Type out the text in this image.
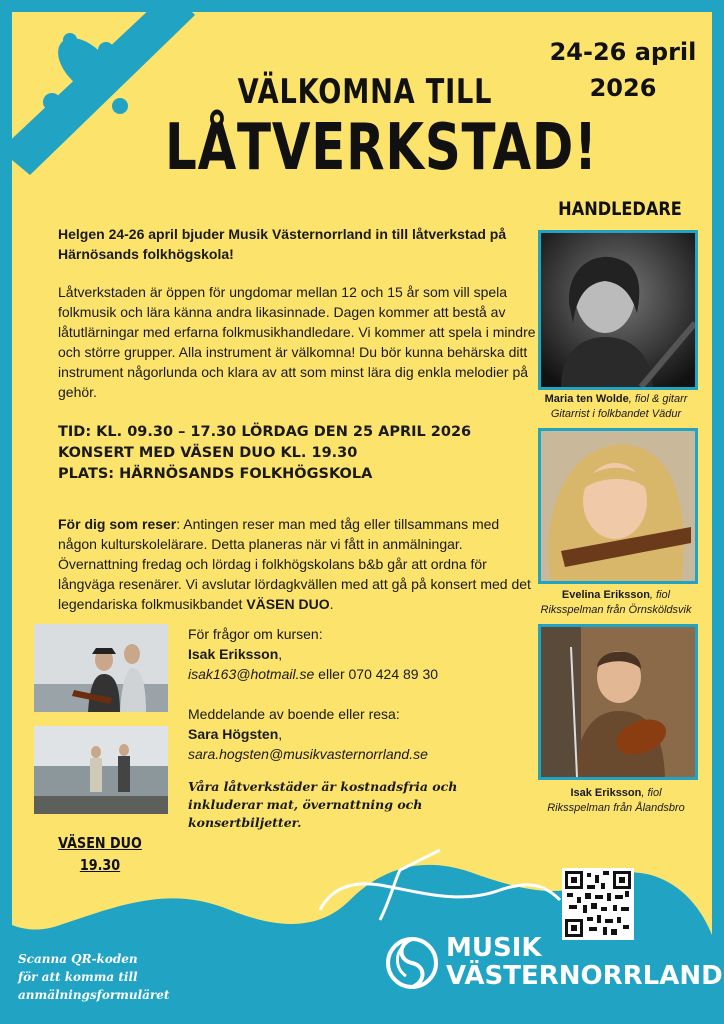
24-26 april
2026
VÄLKOMNA TILL
LÅTVERKSTAD!
HANDLEDARE
Helgen 24-26 april bjuder Musik Västernorrland in till låtverkstad på Härnösands folkhögskola!
Låtverkstaden är öppen för ungdomar mellan 12 och 15 år som vill spela folkmusik och lära känna andra likasinnade. Dagen kommer att bestå av låtutlärningar med erfarna folkmusikhandledare. Vi kommer att spela i mindre och större grupper. Alla instrument är välkomna! Du bör kunna behärska ditt instrument någorlunda och klara av att som minst lära dig enkla melodier på gehör.
TID: KL. 09.30 – 17.30 LÖRDAG DEN 25 APRIL 2026
KONSERT MED VÄSEN DUO KL. 19.30
PLATS: HÄRNÖSANDS FOLKHÖGSKOLA
För dig som reser: Antingen reser man med tåg eller tillsammans med någon kulturskolelärare. Detta planeras när vi fått in anmälningar. Övernattning fredag och lördag i folkhögskolans b&b går att ordna för långväga resenärer. Vi avslutar lördagkvällen med att gå på konsert med det legendariska folkmusikbandet VÄSEN DUO.
Maria ten Wolde, fiol & gitarr
Gitarrist i folkbandet Vädur
Evelina Eriksson, fiol
Riksspelman från Örnsköldsvik
Isak Eriksson, fiol
Riksspelman från Ålandsbro
För frågor om kursen:
Isak Eriksson,
isak163@hotmail.se eller 070 424 89 30
Meddelande av boende eller resa:
Sara Högsten,
sara.hogsten@musikvasternorrland.se
Våra låtverkstäder är kostnadsfria och inkluderar mat, övernattning och konsertbiljetter.
VÄSEN DUO
19.30
Scanna QR-koden
för att komma till
anmälningsformuläret
MUSIK
VÄSTERNORRLAND
